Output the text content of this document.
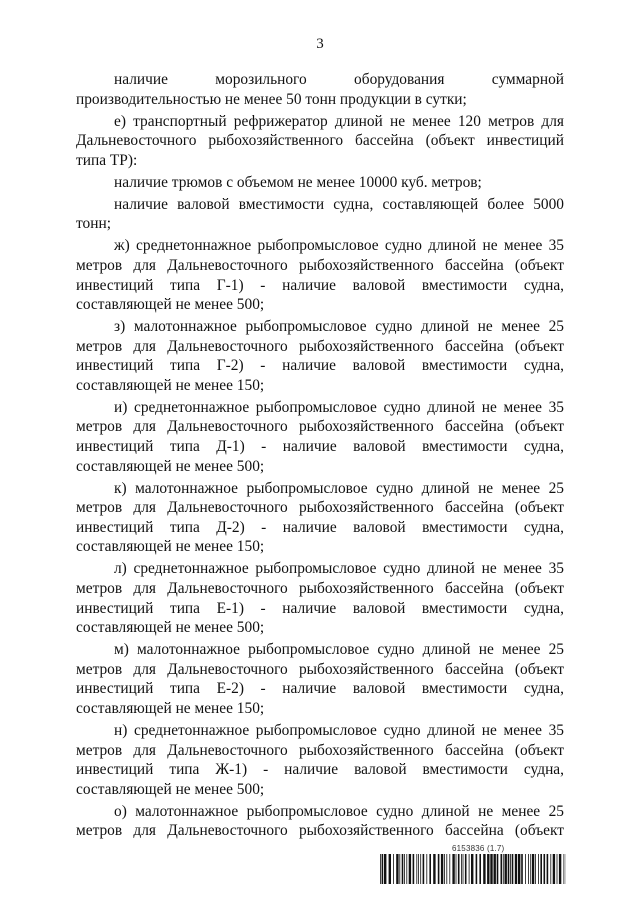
3

наличие морозильного оборудования суммарной производительностью не менее 50 тонн продукции в сутки;

е) транспортный рефрижератор длиной не менее 120 метров для Дальневосточного рыбохозяйственного бассейна (объект инвестиций типа ТР):

наличие трюмов с объемом не менее 10000 куб. метров;

наличие валовой вместимости судна, составляющей более 5000 тонн;

ж) среднетоннажное рыбопромысловое судно длиной не менее 35 метров для Дальневосточного рыбохозяйственного бассейна (объект инвестиций типа Г-1) - наличие валовой вместимости судна, составляющей не менее 500;

з) малотоннажное рыбопромысловое судно длиной не менее 25 метров для Дальневосточного рыбохозяйственного бассейна (объект инвестиций типа Г-2) - наличие валовой вместимости судна, составляющей не менее 150;

и) среднетоннажное рыбопромысловое судно длиной не менее 35 метров для Дальневосточного рыбохозяйственного бассейна (объект инвестиций типа Д-1) - наличие валовой вместимости судна, составляющей не менее 500;

к) малотоннажное рыбопромысловое судно длиной не менее 25 метров для Дальневосточного рыбохозяйственного бассейна (объект инвестиций типа Д-2) - наличие валовой вместимости судна, составляющей не менее 150;

л) среднетоннажное рыбопромысловое судно длиной не менее 35 метров для Дальневосточного рыбохозяйственного бассейна (объект инвестиций типа Е-1) - наличие валовой вместимости судна, составляющей не менее 500;

м) малотоннажное рыбопромысловое судно длиной не менее 25 метров для Дальневосточного рыбохозяйственного бассейна (объект инвестиций типа Е-2) - наличие валовой вместимости судна, составляющей не менее 150;

н) среднетоннажное рыбопромысловое судно длиной не менее 35 метров для Дальневосточного рыбохозяйственного бассейна (объект инвестиций типа Ж-1) - наличие валовой вместимости судна, составляющей не менее 500;

о) малотоннажное рыбопромысловое судно длиной не менее 25 метров для Дальневосточного рыбохозяйственного бассейна (объект

6153836 (1.7)
